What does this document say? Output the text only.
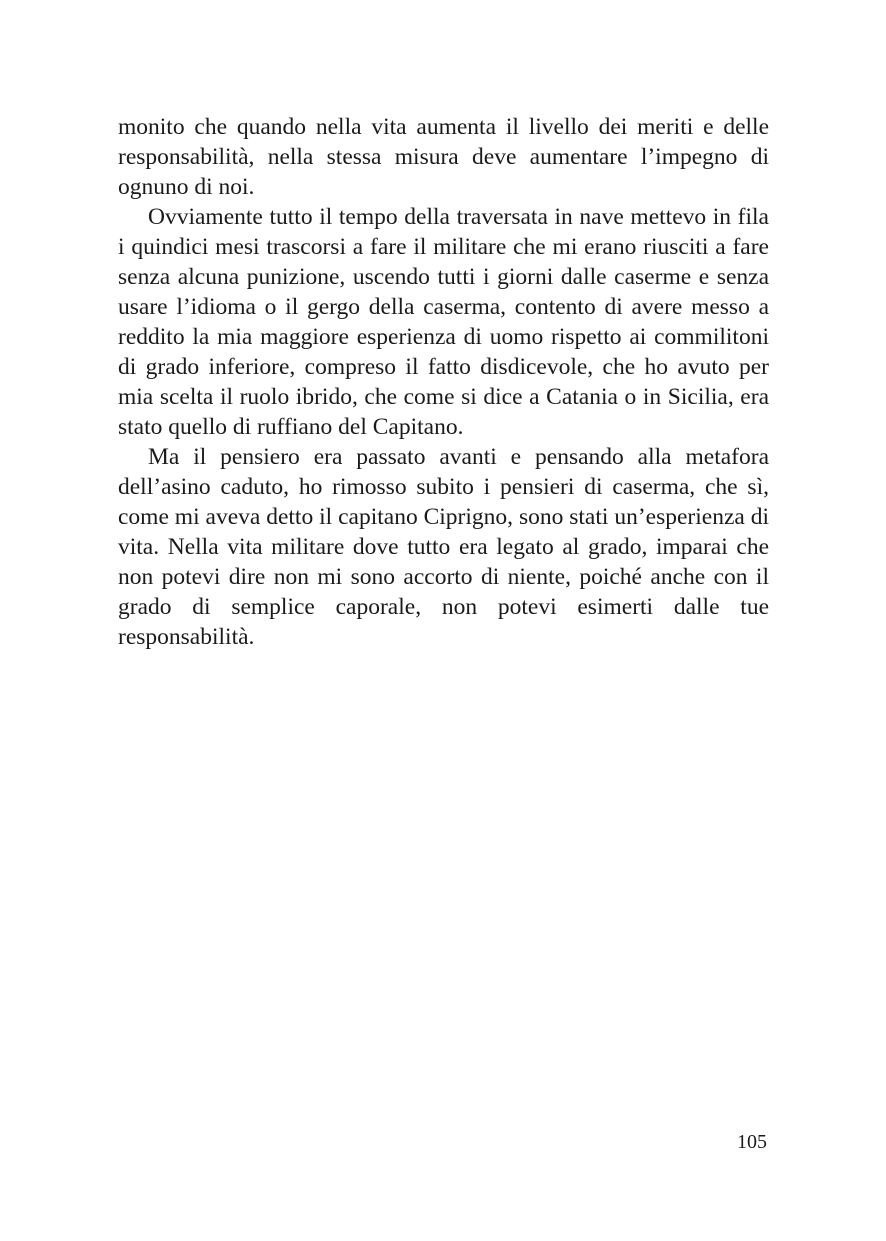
monito che quando nella vita aumenta il livello dei meriti e delle responsabilità, nella stessa misura deve aumentare l’impegno di ognuno di noi.

Ovviamente tutto il tempo della traversata in nave mettevo in fila i quindici mesi trascorsi a fare il militare che mi erano riusciti a fare senza alcuna punizione, uscendo tutti i giorni dalle caserme e senza usare l’idioma o il gergo della caserma, contento di avere messo a reddito la mia maggiore esperienza di uomo rispetto ai commilitoni di grado inferiore, compreso il fatto disdicevole, che ho avuto per mia scelta il ruolo ibrido, che come si dice a Catania o in Sicilia, era stato quello di ruffiano del Capitano.

Ma il pensiero era passato avanti e pensando alla metafora dell’asino caduto, ho rimosso subito i pensieri di caserma, che sì, come mi aveva detto il capitano Ciprigno, sono stati un’esperienza di vita. Nella vita militare dove tutto era legato al grado, imparai che non potevi dire non mi sono accorto di niente, poiché anche con il grado di semplice caporale, non potevi esimerti dalle tue responsabilità.

105
